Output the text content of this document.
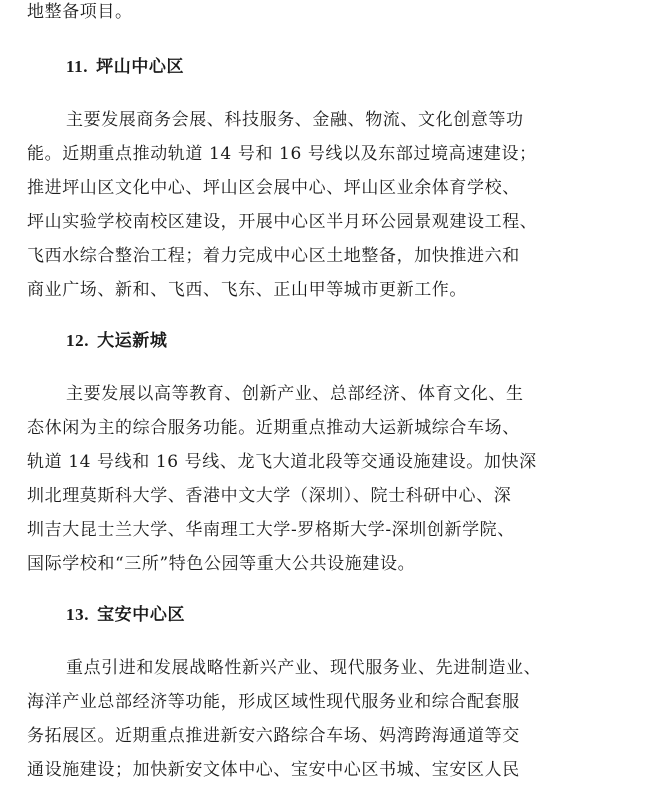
地整备项目。
11. 坪山中心区
主要发展商务会展、科技服务、金融、物流、文化创意等功
能。近期重点推动轨道 14 号和 16 号线以及东部过境高速建设；
推进坪山区文化中心、坪山区会展中心、坪山区业余体育学校、
坪山实验学校南校区建设，开展中心区半月环公园景观建设工程、
飞西水综合整治工程；着力完成中心区土地整备，加快推进六和
商业广场、新和、飞西、飞东、正山甲等城市更新工作。
12. 大运新城
主要发展以高等教育、创新产业、总部经济、体育文化、生
态休闲为主的综合服务功能。近期重点推动大运新城综合车场、
轨道 14 号线和 16 号线、龙飞大道北段等交通设施建设。加快深
圳北理莫斯科大学、香港中文大学（深圳）、院士科研中心、深
圳吉大昆士兰大学、华南理工大学-罗格斯大学-深圳创新学院、
国际学校和“三所”特色公园等重大公共设施建设。
13. 宝安中心区
重点引进和发展战略性新兴产业、现代服务业、先进制造业、
海洋产业总部经济等功能，形成区域性现代服务业和综合配套服
务拓展区。近期重点推进新安六路综合车场、妈湾跨海通道等交
通设施建设；加快新安文体中心、宝安中心区书城、宝安区人民
